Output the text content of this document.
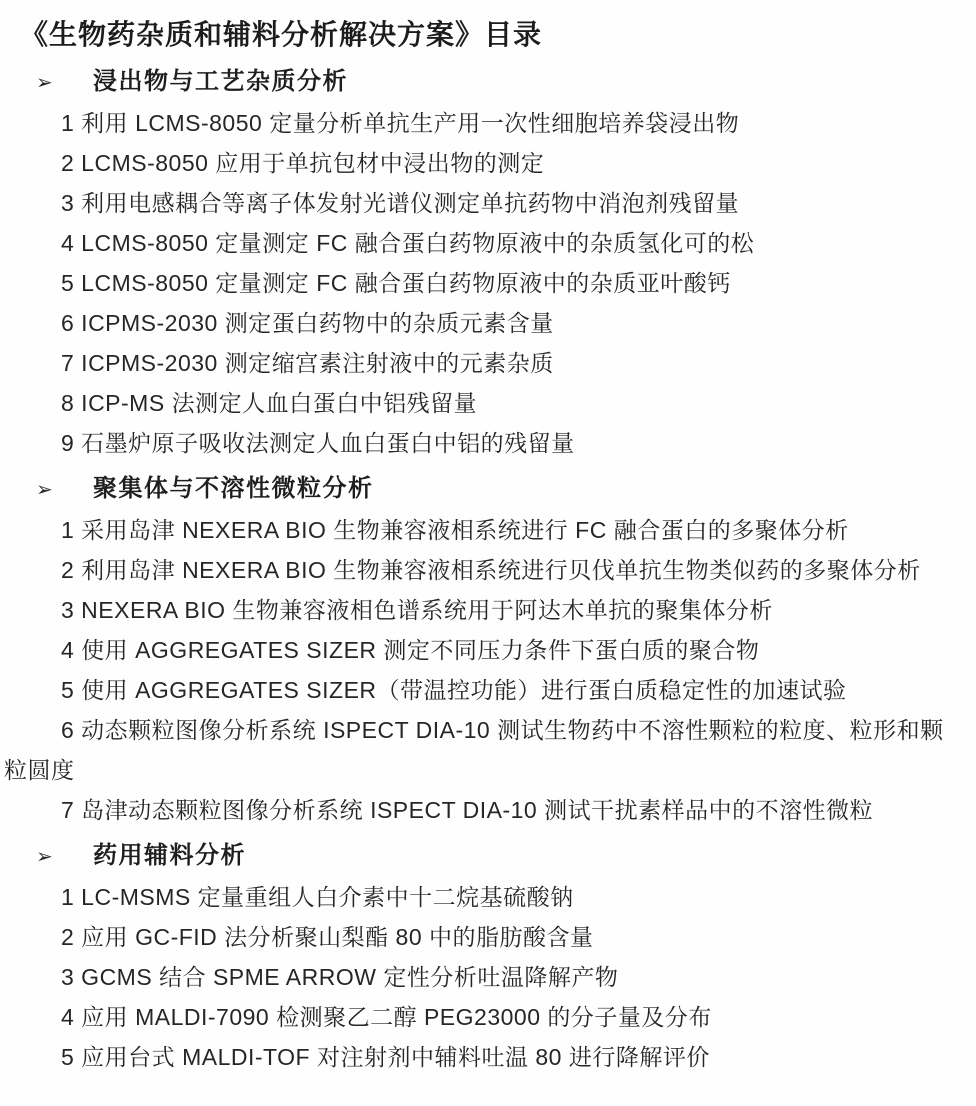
《生物药杂质和辅料分析解决方案》目录
➢	浸出物与工艺杂质分析
1 利用 LCMS-8050 定量分析单抗生产用一次性细胞培养袋浸出物
2 LCMS-8050 应用于单抗包材中浸出物的测定
3 利用电感耦合等离子体发射光谱仪测定单抗药物中消泡剂残留量
4 LCMS-8050 定量测定 FC 融合蛋白药物原液中的杂质氢化可的松
5 LCMS-8050 定量测定 FC 融合蛋白药物原液中的杂质亚叶酸钙
6 ICPMS-2030 测定蛋白药物中的杂质元素含量
7 ICPMS-2030 测定缩宫素注射液中的元素杂质
8 ICP-MS 法测定人血白蛋白中铝残留量
9 石墨炉原子吸收法测定人血白蛋白中铝的残留量
➢	聚集体与不溶性微粒分析
1 采用岛津 NEXERA BIO 生物兼容液相系统进行 FC 融合蛋白的多聚体分析
2 利用岛津 NEXERA BIO 生物兼容液相系统进行贝伐单抗生物类似药的多聚体分析
3 NEXERA BIO 生物兼容液相色谱系统用于阿达木单抗的聚集体分析
4 使用 AGGREGATES SIZER 测定不同压力条件下蛋白质的聚合物
5 使用 AGGREGATES SIZER（带温控功能）进行蛋白质稳定性的加速试验
6 动态颗粒图像分析系统 ISPECT DIA-10 测试生物药中不溶性颗粒的粒度、粒形和颗粒圆度
7 岛津动态颗粒图像分析系统 ISPECT DIA-10 测试干扰素样品中的不溶性微粒
➢	药用辅料分析
1 LC-MSMS 定量重组人白介素中十二烷基硫酸钠
2 应用 GC-FID 法分析聚山梨酯 80 中的脂肪酸含量
3 GCMS 结合 SPME ARROW 定性分析吐温降解产物
4 应用 MALDI-7090 检测聚乙二醇 PEG23000 的分子量及分布
5 应用台式 MALDI-TOF 对注射剂中辅料吐温 80 进行降解评价
